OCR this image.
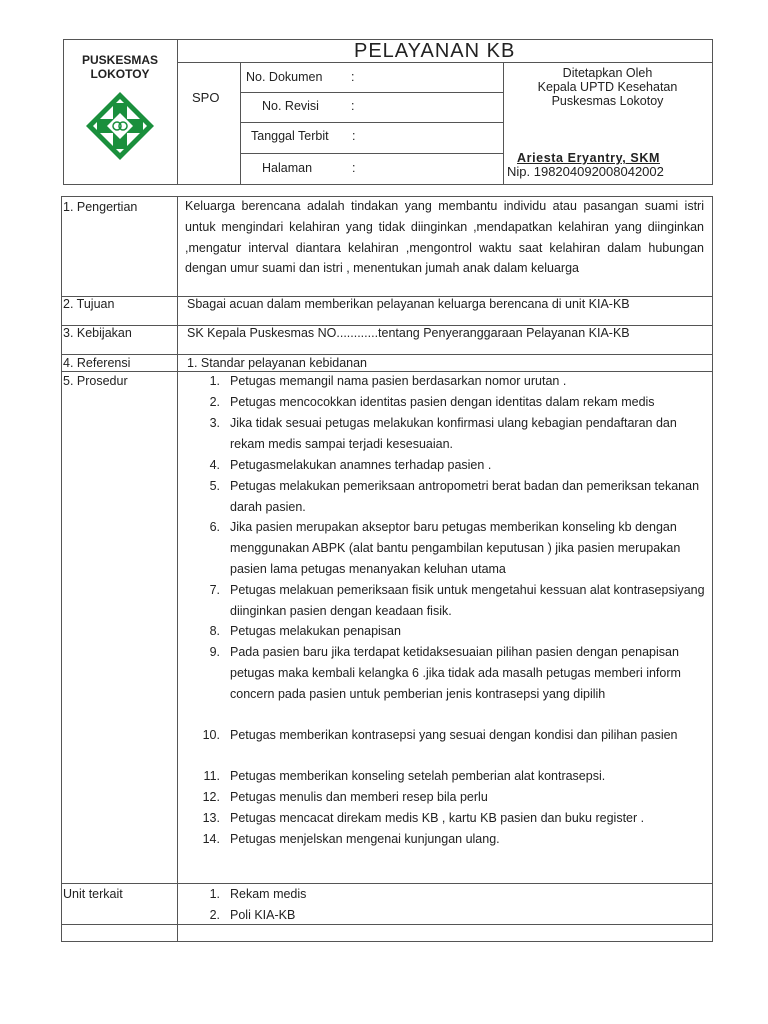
PUSKESMAS
LOKOTOY
PELAYANAN KB
SPO
No. Dokumen :
No. Revisi	:
Tanggal Terbit :
Halaman	:
Ditetapkan Oleh
Kepala UPTD Kesehatan
Puskesmas Lokotoy
Ariesta Eryantry, SKM
Nip. 198204092008042002
1. Pengertian	Keluarga berencana adalah tindakan yang membantu individu atau pasangan suami istri untuk mengindari kelahiran yang tidak diinginkan ,mendapatkan kelahiran yang diinginkan ,mengatur interval diantara kelahiran ,mengontrol waktu saat kelahiran dalam hubungan dengan umur suami dan istri , menentukan jumah anak dalam keluarga
2. Tujuan	Sbagai acuan dalam memberikan pelayanan keluarga berencana di unit KIA-KB
3. Kebijakan	SK Kepala Puskesmas NO............tentang Penyeranggaraan Pelayanan KIA-KB
4. Referensi	1. Standar pelayanan kebidanan
5. Prosedur	1. Petugas memangil nama pasien berdasarkan nomor urutan .
2. Petugas mencocokkan identitas pasien dengan identitas dalam rekam medis
3. Jika tidak sesuai petugas melakukan konfirmasi ulang kebagian pendaftaran dan rekam medis sampai terjadi kesesuaian.
4. Petugasmelakukan anamnes terhadap pasien .
5. Petugas melakukan pemeriksaan antropometri berat badan dan pemeriksan tekanan darah pasien.
6. Jika pasien merupakan akseptor baru petugas memberikan konseling kb dengan menggunakan ABPK (alat bantu pengambilan keputusan ) jika pasien merupakan pasien lama petugas menanyakan keluhan utama
7. Petugas melakuan pemeriksaan fisik untuk mengetahui kessuan alat kontrasepsiyang diinginkan pasien dengan keadaan fisik.
8. Petugas melakukan penapisan
9. Pada pasien baru jika terdapat ketidaksesuaian pilihan pasien dengan penapisan petugas maka kembali kelangkа 6 .jika tidak ada masalh petugas memberi inform concern pada pasien untuk pemberian jenis kontrasepsi yang dipilih
10. Petugas memberikan kontrasepsi yang sesuai dengan kondisi dan pilihan pasien
11. Petugas memberikan konseling setelah pemberian alat kontrasepsi.
12. Petugas menulis dan memberi resep bila perlu
13. Petugas mencacat direkam medis KB , kartu KB pasien dan buku register .
14. Petugas menjelskan mengenai kunjungan ulang.
Unit terkait	1. Rekam medis
2. Poli KIA-KB
